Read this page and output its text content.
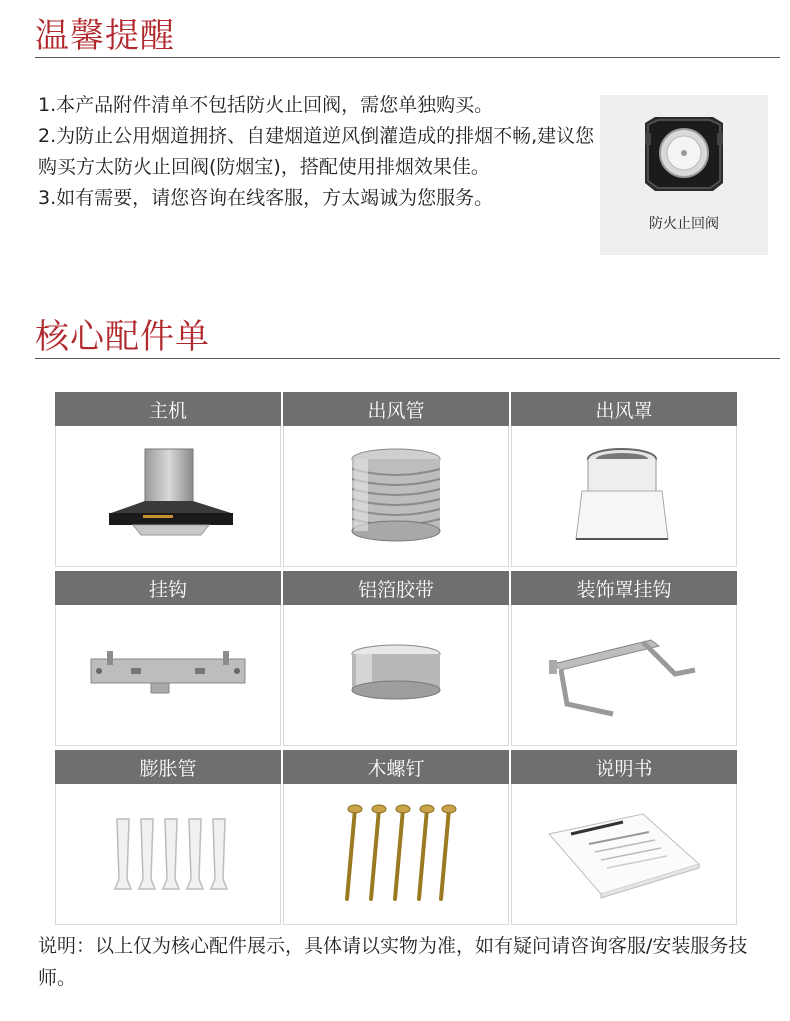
温馨提醒

1.本产品附件清单不包括防火止回阀，需您单独购买。

2.为防止公用烟道拥挤、自建烟道逆风倒灌造成的排烟不畅,建议您购买方太防火止回阀(防烟宝)，搭配使用排烟效果佳。

3.如有需要，请您咨询在线客服，方太竭诚为您服务。

防火止回阀
核心配件单
主机	出风管	出风罩
挂钩	铝箔胶带	装饰罩挂钩
膨胀管	木螺钉	说明书

说明：以上仅为核心配件展示，具体请以实物为准，如有疑问请咨询客服/安装服务技师。
